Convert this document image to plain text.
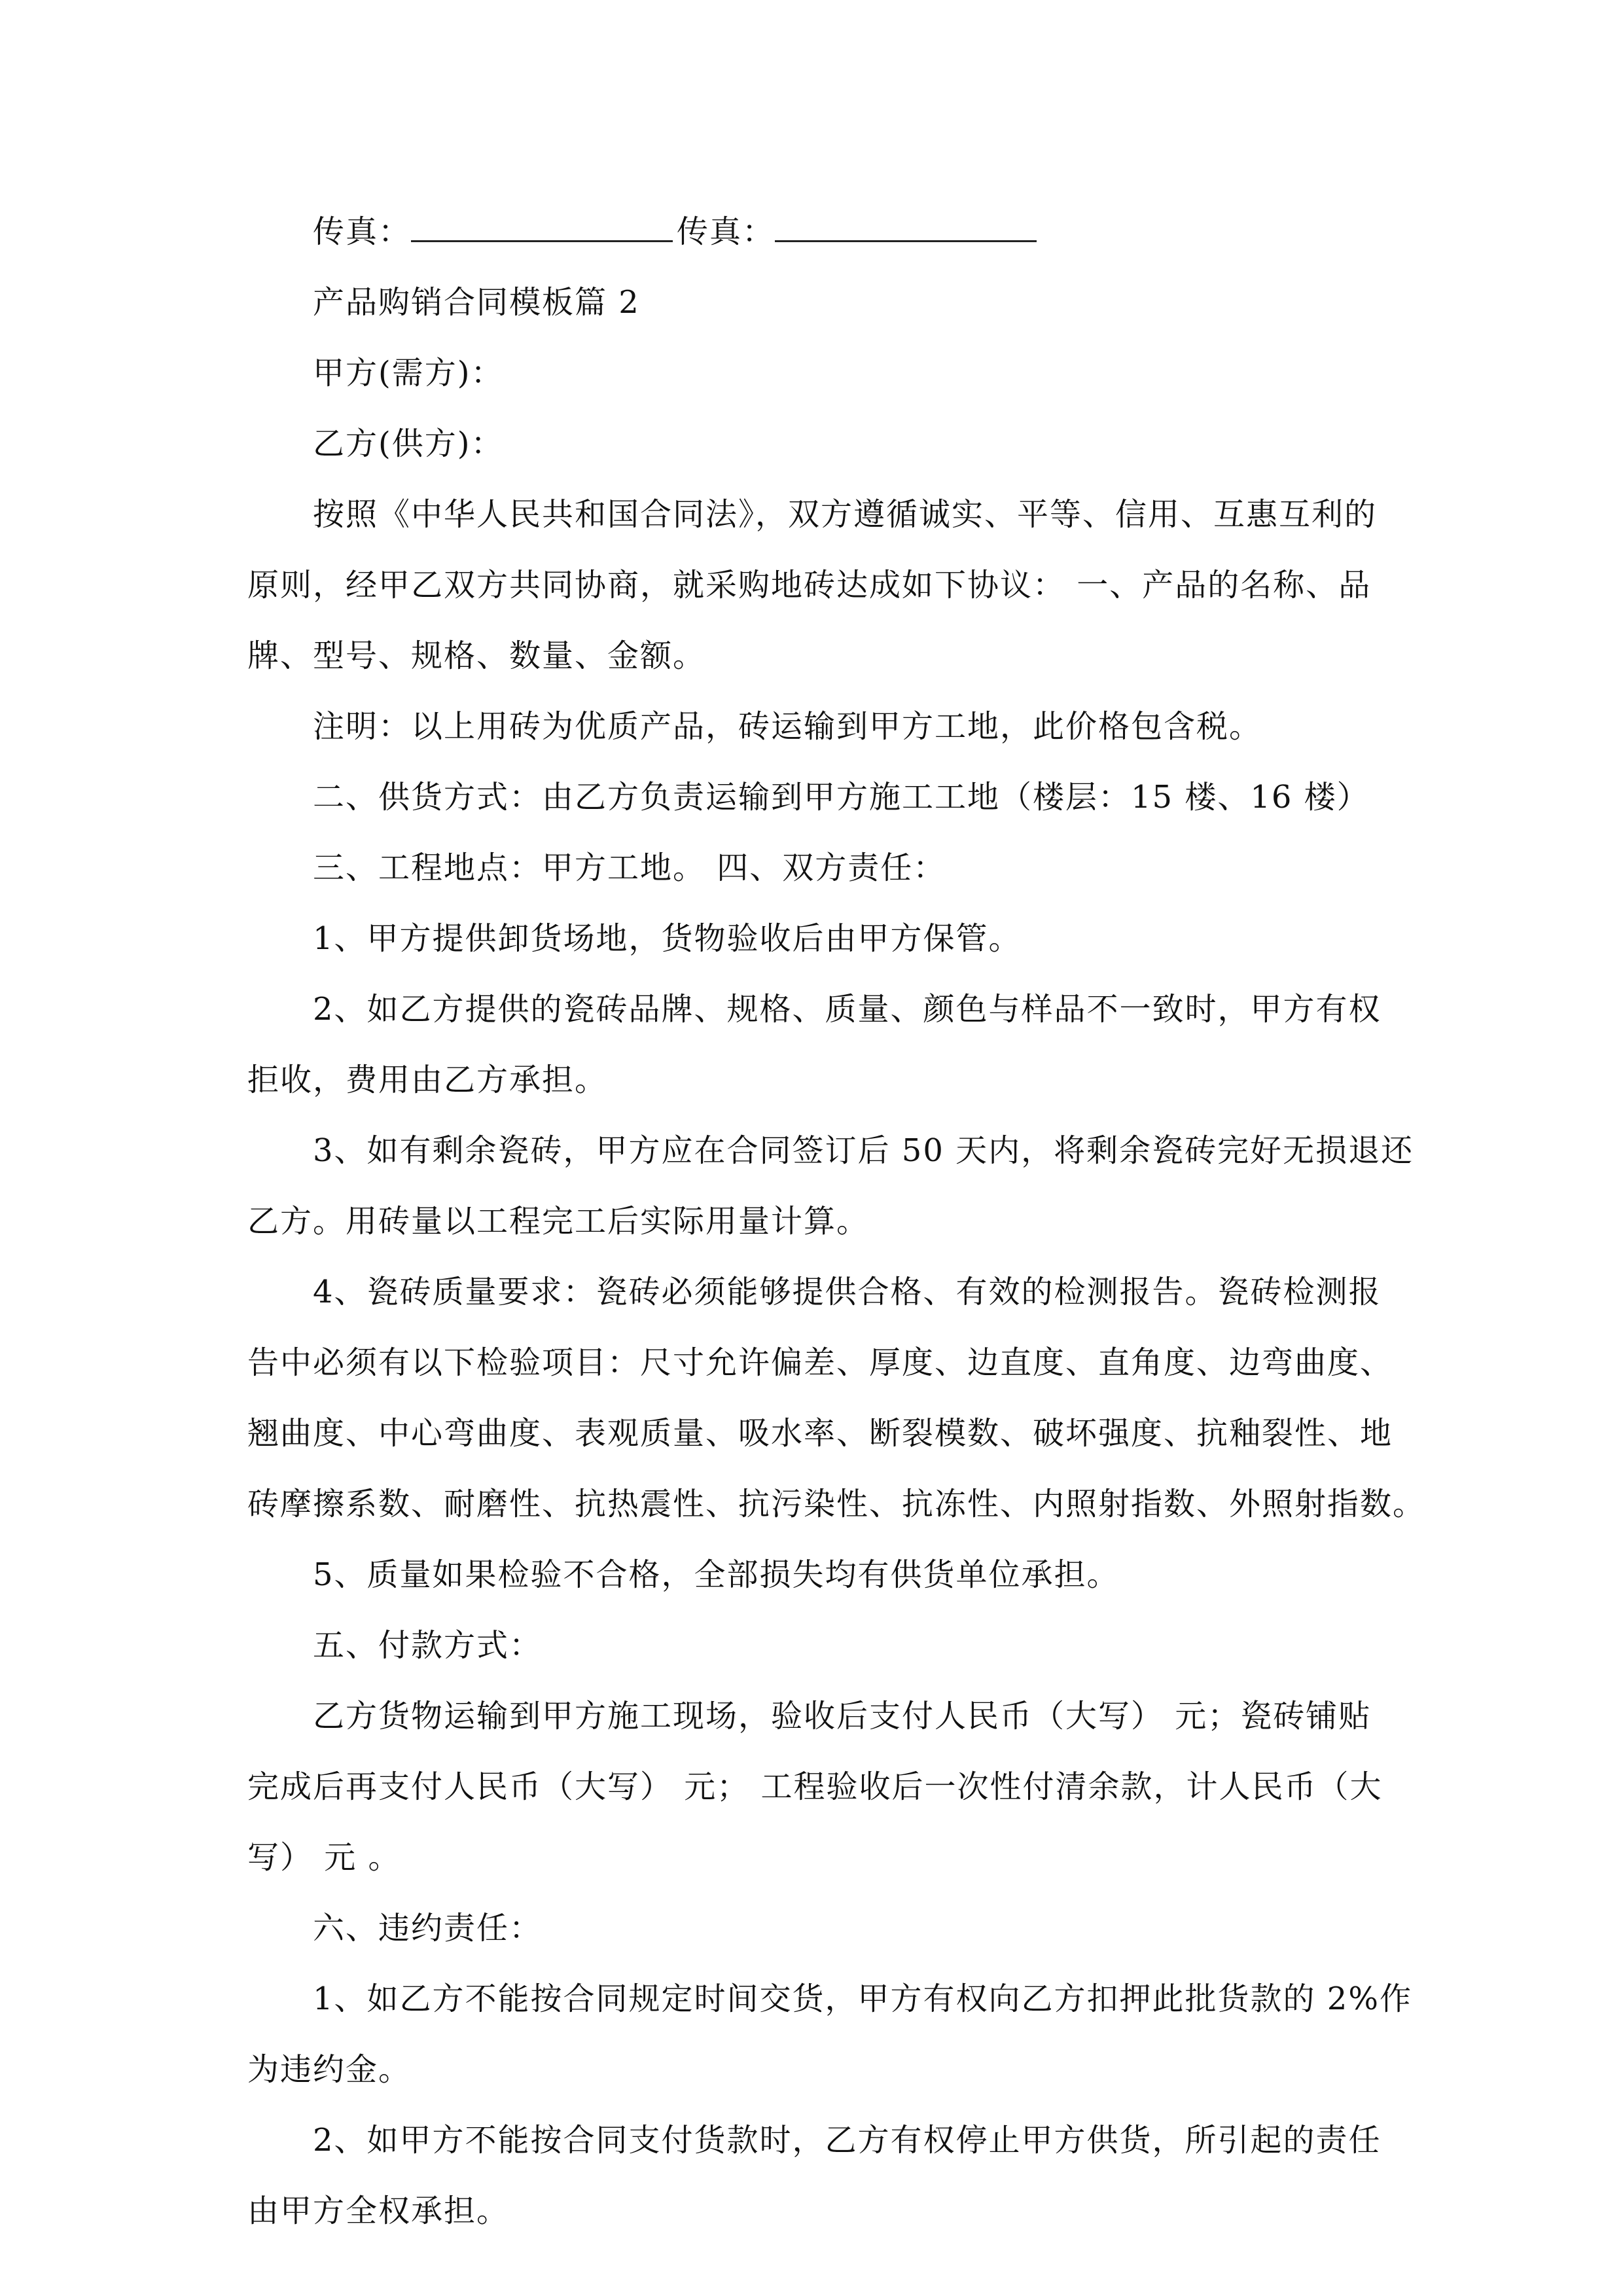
传真：	传真：
产品购销合同模板篇 2
甲方(需方)：
乙方(供方)：
按照《中华人民共和国合同法》，双方遵循诚实、平等、信用、互惠互利的
原则，经甲乙双方共同协商，就采购地砖达成如下协议： 一、产品的名称、品
牌、型号、规格、数量、金额。
注明：以上用砖为优质产品，砖运输到甲方工地，此价格包含税。
二、供货方式：由乙方负责运输到甲方施工工地（楼层：15 楼、16 楼）
三、工程地点：甲方工地。 四、双方责任：
1、甲方提供卸货场地，货物验收后由甲方保管。
2、如乙方提供的瓷砖品牌、规格、质量、颜色与样品不一致时，甲方有权
拒收，费用由乙方承担。
3、如有剩余瓷砖，甲方应在合同签订后 50 天内，将剩余瓷砖完好无损退还
乙方。用砖量以工程完工后实际用量计算。
4、瓷砖质量要求：瓷砖必须能够提供合格、有效的检测报告。瓷砖检测报
告中必须有以下检验项目：尺寸允许偏差、厚度、边直度、直角度、边弯曲度、
翘曲度、中心弯曲度、表观质量、吸水率、断裂模数、破坏强度、抗釉裂性、地
砖摩擦系数、耐磨性、抗热震性、抗污染性、抗冻性、内照射指数、外照射指数。
5、质量如果检验不合格，全部损失均有供货单位承担。
五、付款方式：
乙方货物运输到甲方施工现场，验收后支付人民币（大写） 元；瓷砖铺贴
完成后再支付人民币（大写） 元； 工程验收后一次性付清余款，计人民币（大
写） 元 。
六、违约责任：
1、如乙方不能按合同规定时间交货，甲方有权向乙方扣押此批货款的 2%作
为违约金。
2、如甲方不能按合同支付货款时，乙方有权停止甲方供货，所引起的责任
由甲方全权承担。
